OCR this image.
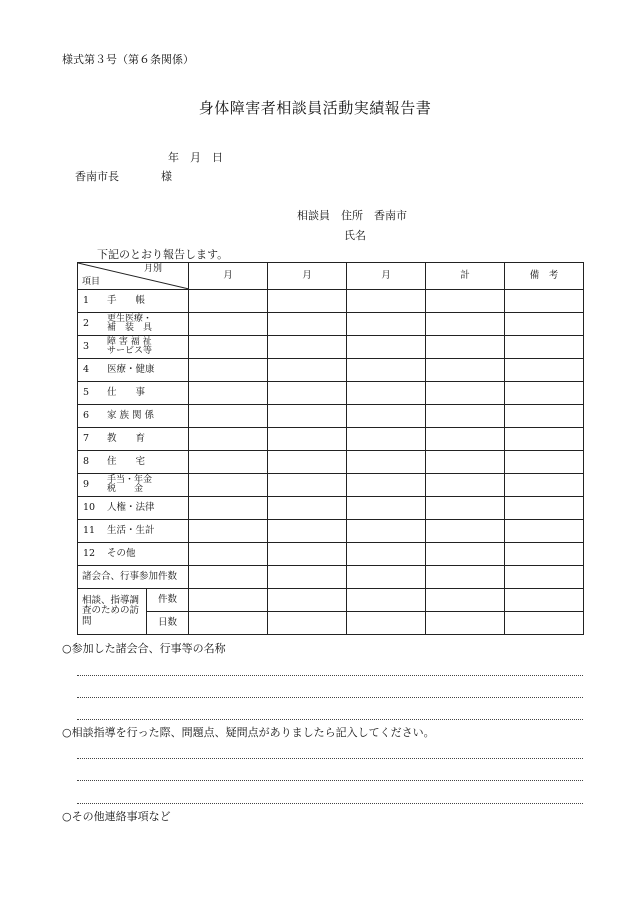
様式第３号（第６条関係）
身体障害者相談員活動実績報告書
年　月　日
香南市長	様
相談員　住所　香南市
氏名
下記のとおり報告します。
月別
項目		月	月	月	計	備　考

1 手　　帳						

2 更生医療・
補　装　具						

3 障 害 福 祉
サービス等						

4 医療・健康						

5 仕　　事						

6 家 族 関 係						

7 教　　育						

8 住　　宅						

9 手当・年金
税　　金						

10 人権・法律						

11 生活・生計						

12 その他						

諸会合、行事参加件数						

相談、指導調査のための訪問	件数					
	日数					
○参加した諸会合、行事等の名称
○相談指導を行った際、問題点、疑問点がありましたら記入してください。
○その他連絡事項など
